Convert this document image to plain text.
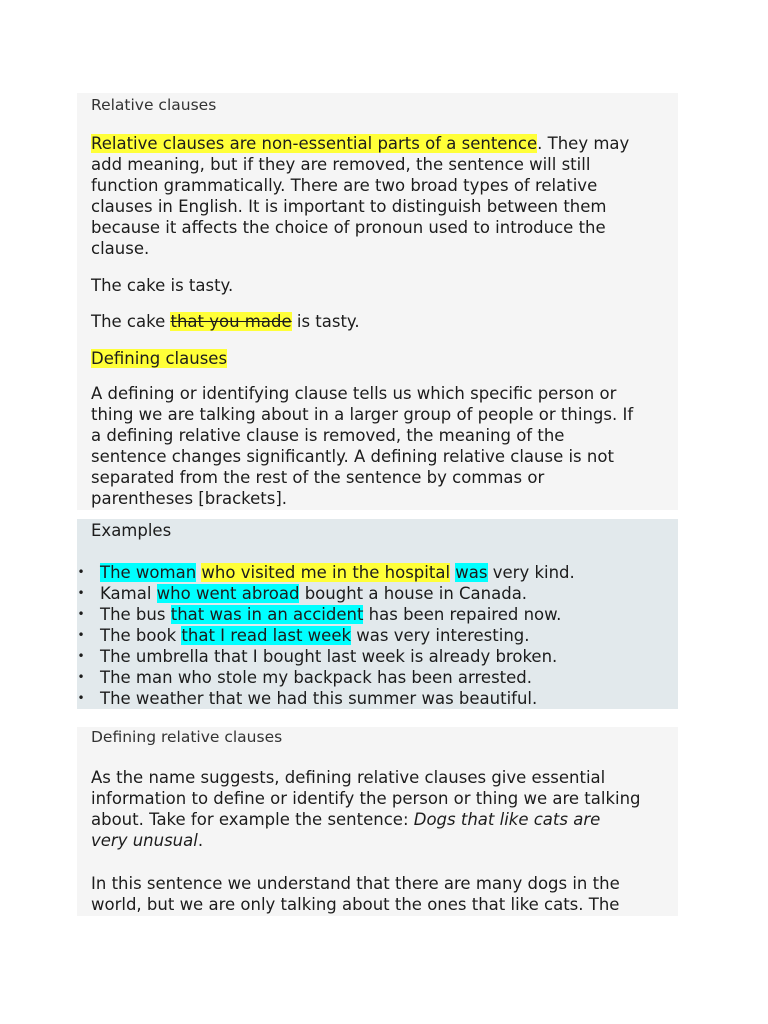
Relative clauses

Relative clauses are non-essential parts of a sentence. They may
add meaning, but if they are removed, the sentence will still
function grammatically. There are two broad types of relative
clauses in English. It is important to distinguish between them
because it affects the choice of pronoun used to introduce the
clause.

The cake is tasty.

The cake that you made is tasty.

Defining clauses

A defining or identifying clause tells us which specific person or
thing we are talking about in a larger group of people or things. If
a defining relative clause is removed, the meaning of the
sentence changes significantly. A defining relative clause is not
separated from the rest of the sentence by commas or
parentheses [brackets].

Examples

• The woman who visited me in the hospital was very kind.
• Kamal who went abroad bought a house in Canada.
• The bus that was in an accident has been repaired now.
• The book that I read last week was very interesting.
• The umbrella that I bought last week is already broken.
• The man who stole my backpack has been arrested.
• The weather that we had this summer was beautiful.

Defining relative clauses

As the name suggests, defining relative clauses give essential
information to define or identify the person or thing we are talking
about. Take for example the sentence: Dogs that like cats are
very unusual.
In this sentence we understand that there are many dogs in the
world, but we are only talking about the ones that like cats. The
